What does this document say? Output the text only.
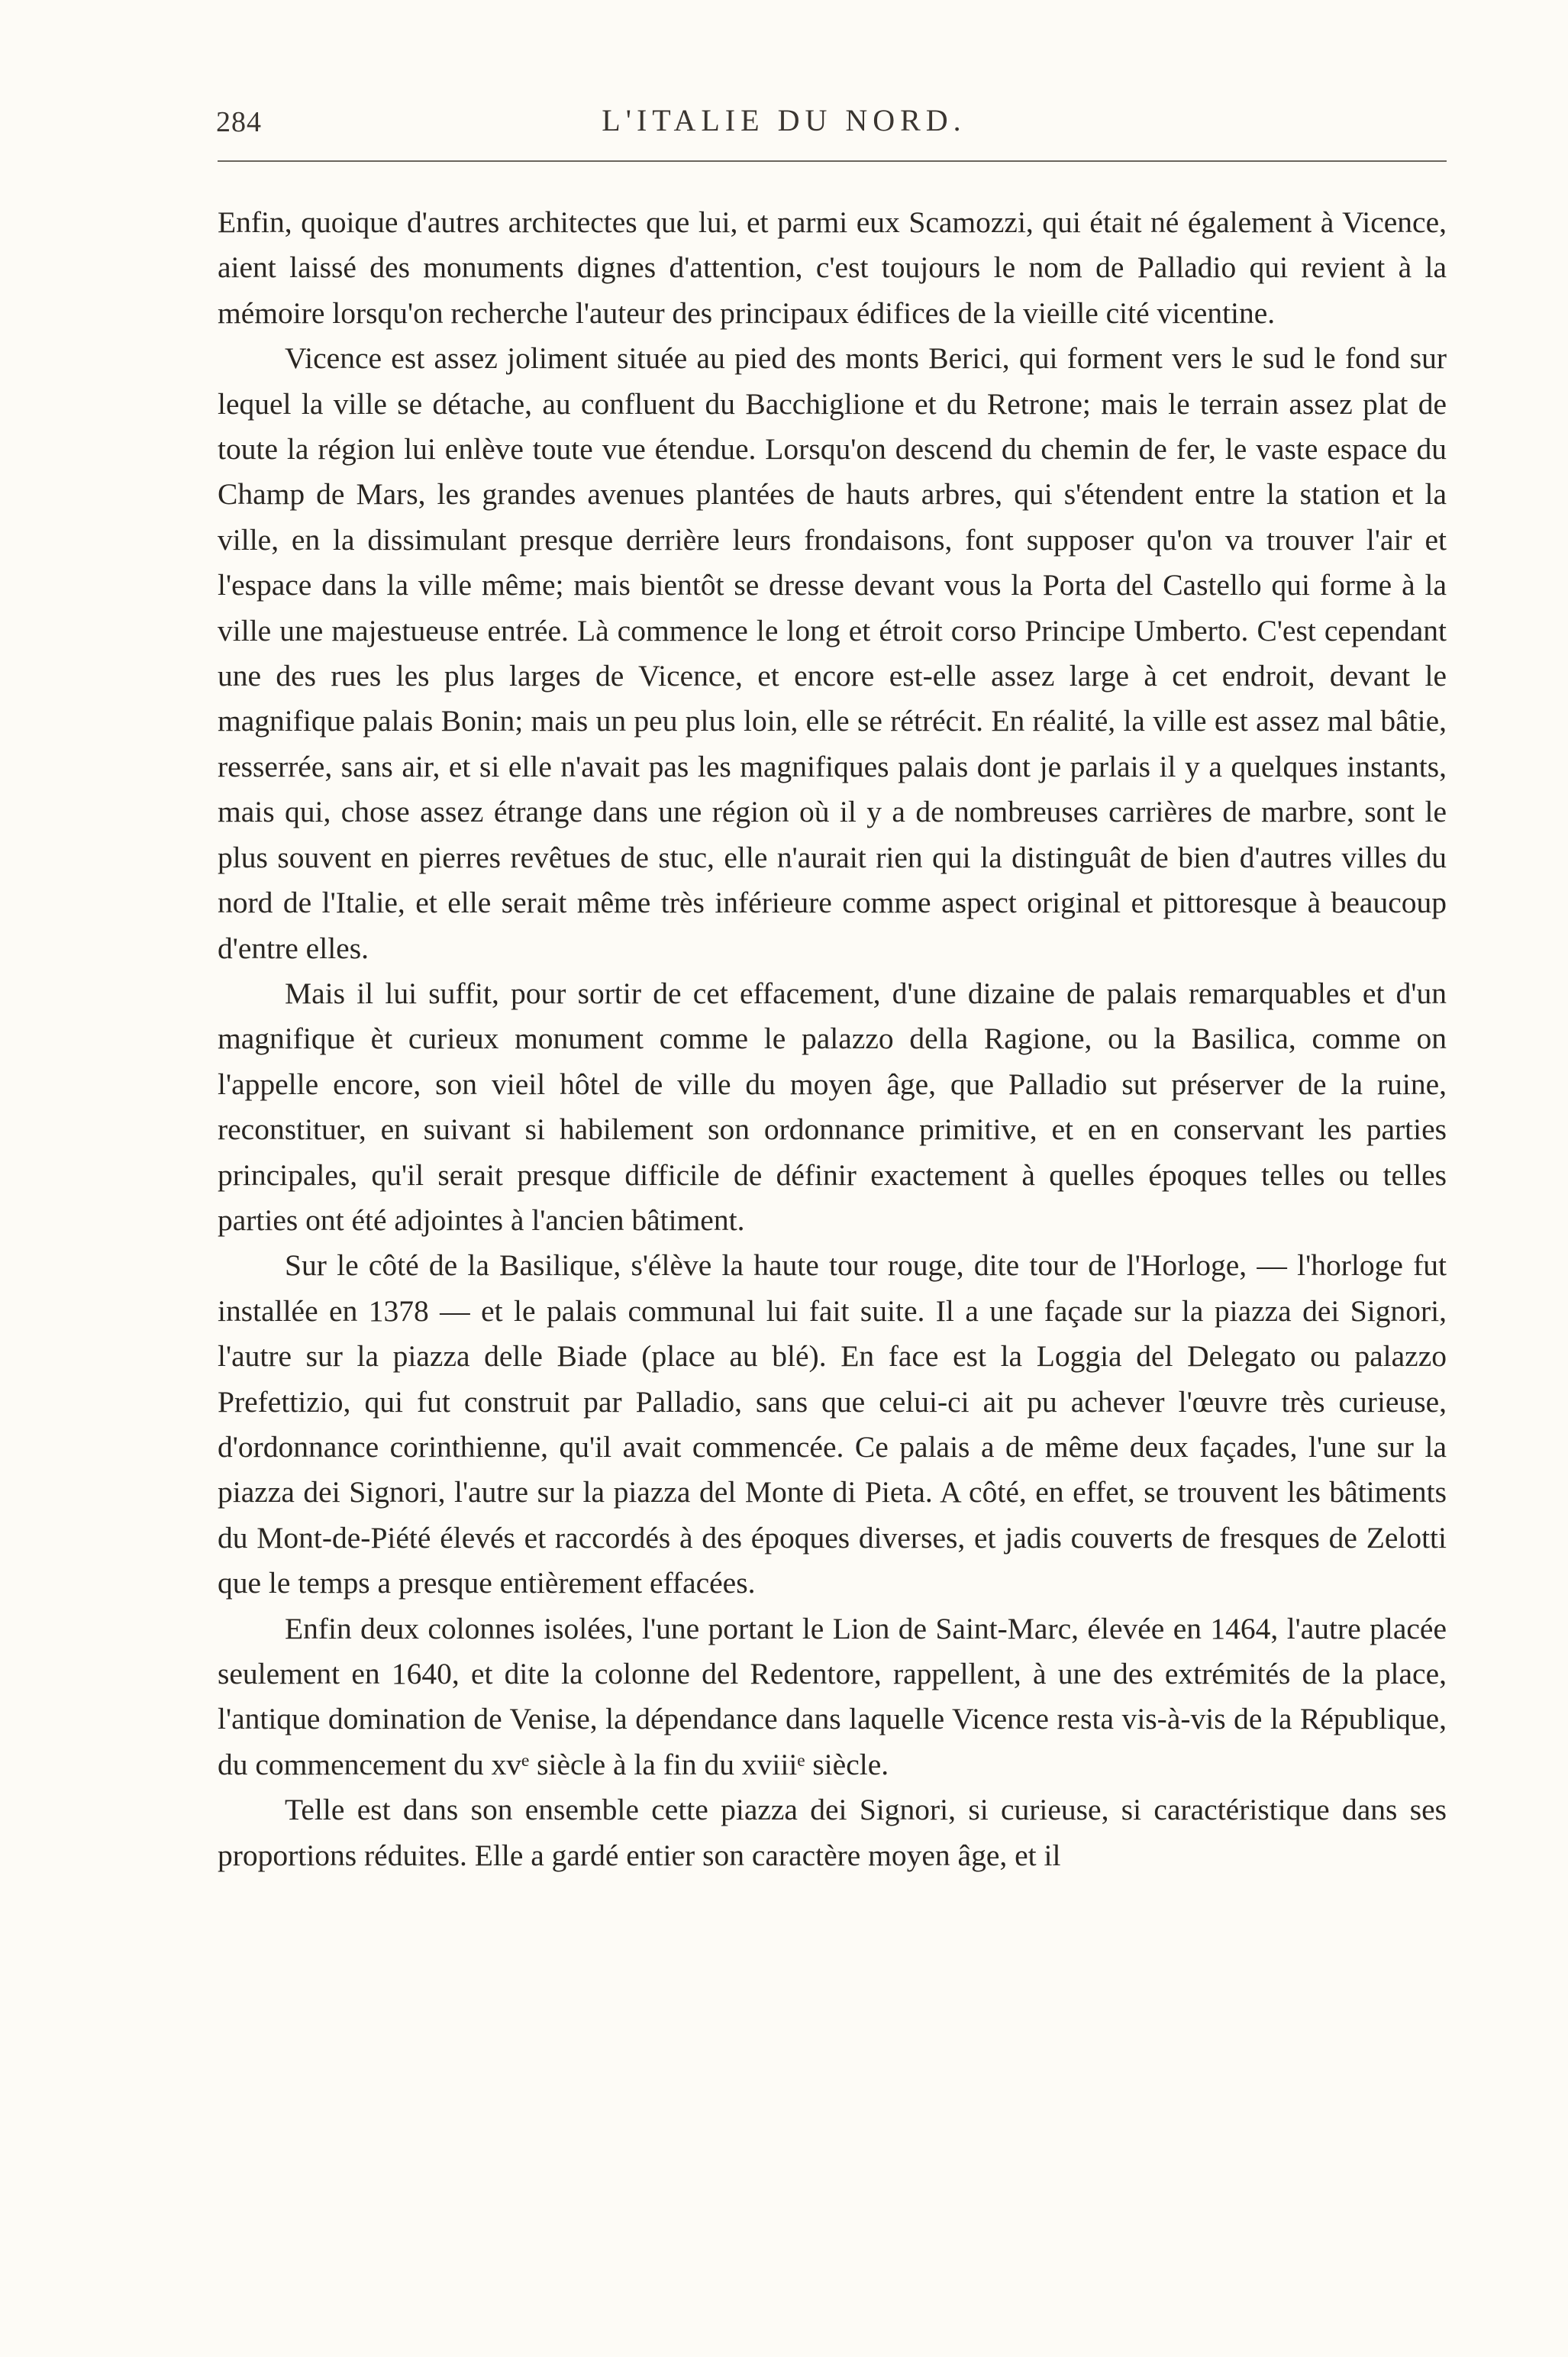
284	L'ITALIE DU NORD.

Enfin, quoique d'autres architectes que lui, et parmi eux Scamozzi, qui était né également à Vicence, aient laissé des monuments dignes d'attention, c'est toujours le nom de Palladio qui revient à la mémoire lorsqu'on recherche l'auteur des principaux édifices de la vieille cité vicentine.

Vicence est assez joliment située au pied des monts Berici, qui forment vers le sud le fond sur lequel la ville se détache, au confluent du Bacchiglione et du Retrone; mais le terrain assez plat de toute la région lui enlève toute vue étendue. Lorsqu'on descend du chemin de fer, le vaste espace du Champ de Mars, les grandes avenues plantées de hauts arbres, qui s'étendent entre la station et la ville, en la dissimulant presque derrière leurs frondaisons, font supposer qu'on va trouver l'air et l'espace dans la ville même; mais bientôt se dresse devant vous la Porta del Castello qui forme à la ville une majestueuse entrée. Là commence le long et étroit corso Principe Umberto. C'est cependant une des rues les plus larges de Vicence, et encore est-elle assez large à cet endroit, devant le magnifique palais Bonin; mais un peu plus loin, elle se rétrécit. En réalité, la ville est assez mal bâtie, resserrée, sans air, et si elle n'avait pas les magnifiques palais dont je parlais il y a quelques instants, mais qui, chose assez étrange dans une région où il y a de nombreuses carrières de marbre, sont le plus souvent en pierres revêtues de stuc, elle n'aurait rien qui la distinguât de bien d'autres villes du nord de l'Italie, et elle serait même très inférieure comme aspect original et pittoresque à beaucoup d'entre elles.

Mais il lui suffit, pour sortir de cet effacement, d'une dizaine de palais remarquables et d'un magnifique èt curieux monument comme le palazzo della Ragione, ou la Basilica, comme on l'appelle encore, son vieil hôtel de ville du moyen âge, que Palladio sut préserver de la ruine, reconstituer, en suivant si habilement son ordonnance primitive, et en en conservant les parties principales, qu'il serait presque difficile de définir exactement à quelles époques telles ou telles parties ont été adjointes à l'ancien bâtiment.

Sur le côté de la Basilique, s'élève la haute tour rouge, dite tour de l'Horloge, — l'horloge fut installée en 1378 — et le palais communal lui fait suite. Il a une façade sur la piazza dei Signori, l'autre sur la piazza delle Biade (place au blé). En face est la Loggia del Delegato ou palazzo Prefettizio, qui fut construit par Palladio, sans que celui-ci ait pu achever l'œuvre très curieuse, d'ordonnance corinthienne, qu'il avait commencée. Ce palais a de même deux façades, l'une sur la piazza dei Signori, l'autre sur la piazza del Monte di Pieta. A côté, en effet, se trouvent les bâtiments du Mont-de-Piété élevés et raccordés à des époques diverses, et jadis couverts de fresques de Zelotti que le temps a presque entièrement effacées.

Enfin deux colonnes isolées, l'une portant le Lion de Saint-Marc, élevée en 1464, l'autre placée seulement en 1640, et dite la colonne del Redentore, rappellent, à une des extrémités de la place, l'antique domination de Venise, la dépendance dans laquelle Vicence resta vis-à-vis de la République, du commencement du xvᵉ siècle à la fin du xviiiᵉ siècle.

Telle est dans son ensemble cette piazza dei Signori, si curieuse, si caractéristique dans ses proportions réduites. Elle a gardé entier son caractère moyen âge, et il
